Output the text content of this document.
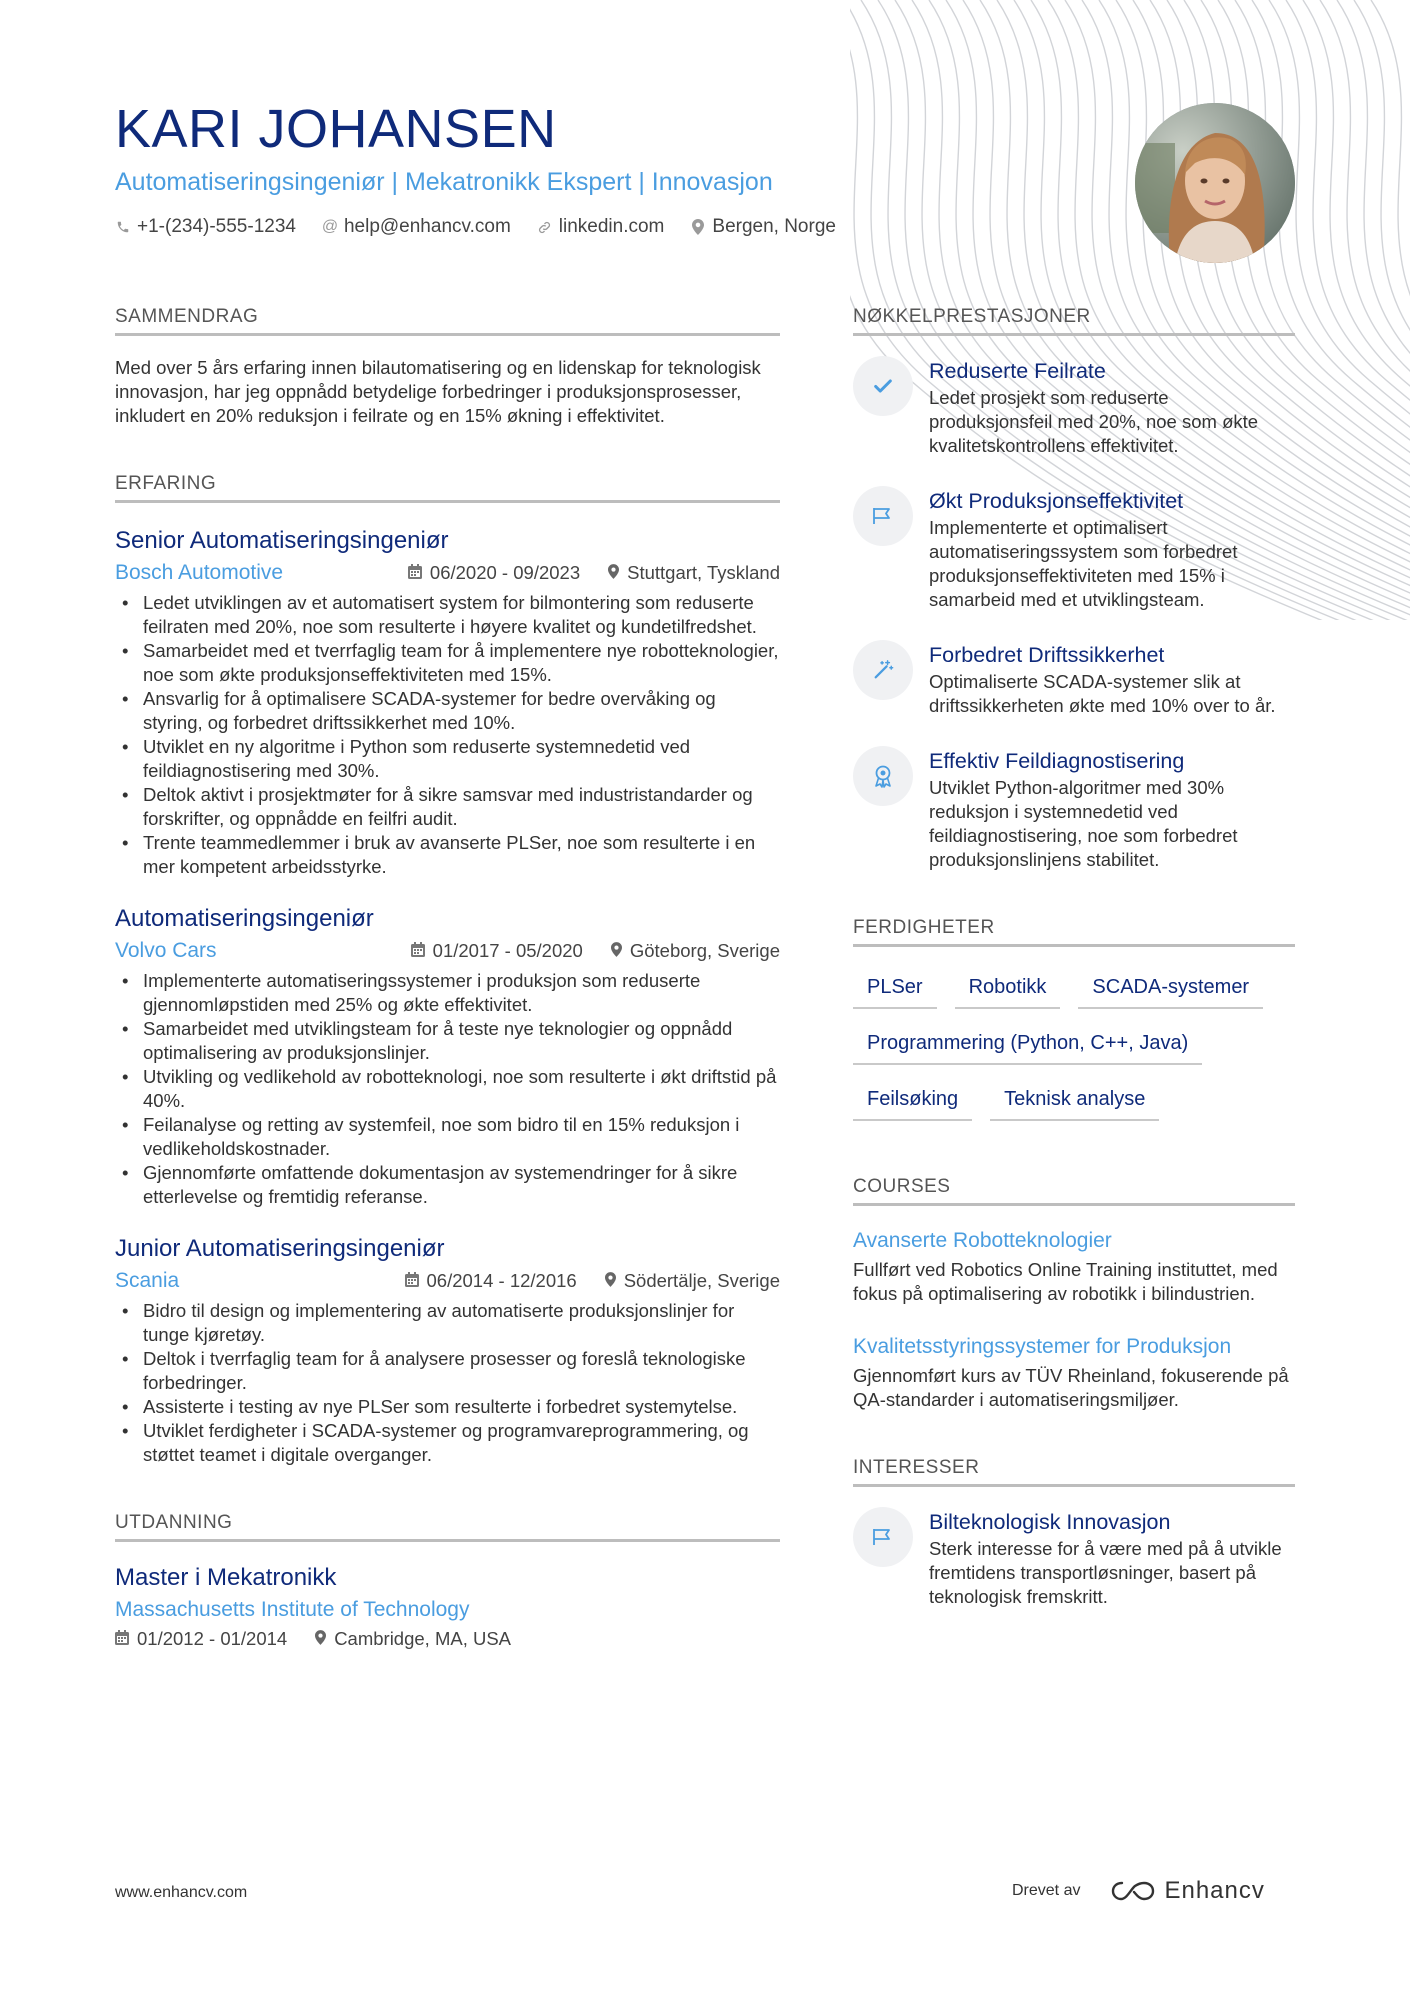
KARI JOHANSEN
Automatiseringsingeniør | Mekatronikk Ekspert | Innovasjon
+1-(234)-555-1234 @ help@enhancv.com	linkedin.com	Bergen, Norge
SAMMENDRAG
Med over 5 års erfaring innen bilautomatisering og en lidenskap for teknologisk innovasjon, har jeg oppnådd betydelige forbedringer i produksjonsprosesser, inkludert en 20% reduksjon i feilrate og en 15% økning i effektivitet.
ERFARING
Senior Automatiseringsingeniør
Bosch Automotive	06/2020 - 09/2023	Stuttgart, Tyskland
• Ledet utviklingen av et automatisert system for bilmontering som reduserte feilraten med 20%, noe som resulterte i høyere kvalitet og kundetilfredshet.
• Samarbeidet med et tverrfaglig team for å implementere nye robotteknologier, noe som økte produksjonseffektiviteten med 15%.
• Ansvarlig for å optimalisere SCADA-systemer for bedre overvåking og styring, og forbedret driftssikkerhet med 10%.
• Utviklet en ny algoritme i Python som reduserte systemnedetid ved feildiagnostisering med 30%.
• Deltok aktivt i prosjektmøter for å sikre samsvar med industristandarder og forskrifter, og oppnådde en feilfri audit.
• Trente teammedlemmer i bruk av avanserte PLSer, noe som resulterte i en mer kompetent arbeidsstyrke.
Automatiseringsingeniør
Volvo Cars	01/2017 - 05/2020	Göteborg, Sverige
• Implementerte automatiseringssystemer i produksjon som reduserte gjennomløpstiden med 25% og økte effektivitet.
• Samarbeidet med utviklingsteam for å teste nye teknologier og oppnådd optimalisering av produksjonslinjer.
• Utvikling og vedlikehold av robotteknologi, noe som resulterte i økt driftstid på 40%.
• Feilanalyse og retting av systemfeil, noe som bidro til en 15% reduksjon i vedlikeholdskostnader.
• Gjennomførte omfattende dokumentasjon av systemendringer for å sikre etterlevelse og fremtidig referanse.
Junior Automatiseringsingeniør
Scania	06/2014 - 12/2016	Södertälje, Sverige
• Bidro til design og implementering av automatiserte produksjonslinjer for tunge kjøretøy.
• Deltok i tverrfaglig team for å analysere prosesser og foreslå teknologiske forbedringer.
• Assisterte i testing av nye PLSer som resulterte i forbedret systemytelse.
• Utviklet ferdigheter i SCADA-systemer og programvareprogrammering, og støttet teamet i digitale overganger.
UTDANNING
Master i Mekatronikk
Massachusetts Institute of Technology
01/2012 - 01/2014	Cambridge, MA, USA
NØKKELPRESTASJONER
Reduserte Feilrate
Ledet prosjekt som reduserte produksjonsfeil med 20%, noe som økte kvalitetskontrollens effektivitet.
Økt Produksjonseffektivitet
Implementerte et optimalisert automatiseringssystem som forbedret produksjonseffektiviteten med 15% i samarbeid med et utviklingsteam.
Forbedret Driftssikkerhet
Optimaliserte SCADA-systemer slik at driftssikkerheten økte med 10% over to år.
Effektiv Feildiagnostisering
Utviklet Python-algoritmer med 30% reduksjon i systemnedetid ved feildiagnostisering, noe som forbedret produksjonslinjens stabilitet.
FERDIGHETER
PLSer	Robotikk	SCADA-systemer
Programmering (Python, C++, Java)
Feilsøking	Teknisk analyse
COURSES
Avanserte Robotteknologier
Fullført ved Robotics Online Training instituttet, med fokus på optimalisering av robotikk i bilindustrien.
Kvalitetsstyringssystemer for Produksjon
Gjennomført kurs av TÜV Rheinland, fokuserende på QA-standarder i automatiseringsmiljøer.
INTERESSER
Bilteknologisk Innovasjon
Sterk interesse for å være med på å utvikle fremtidens transportløsninger, basert på teknologisk fremskritt.
www.enhancv.com	Drevet av	Enhancv
